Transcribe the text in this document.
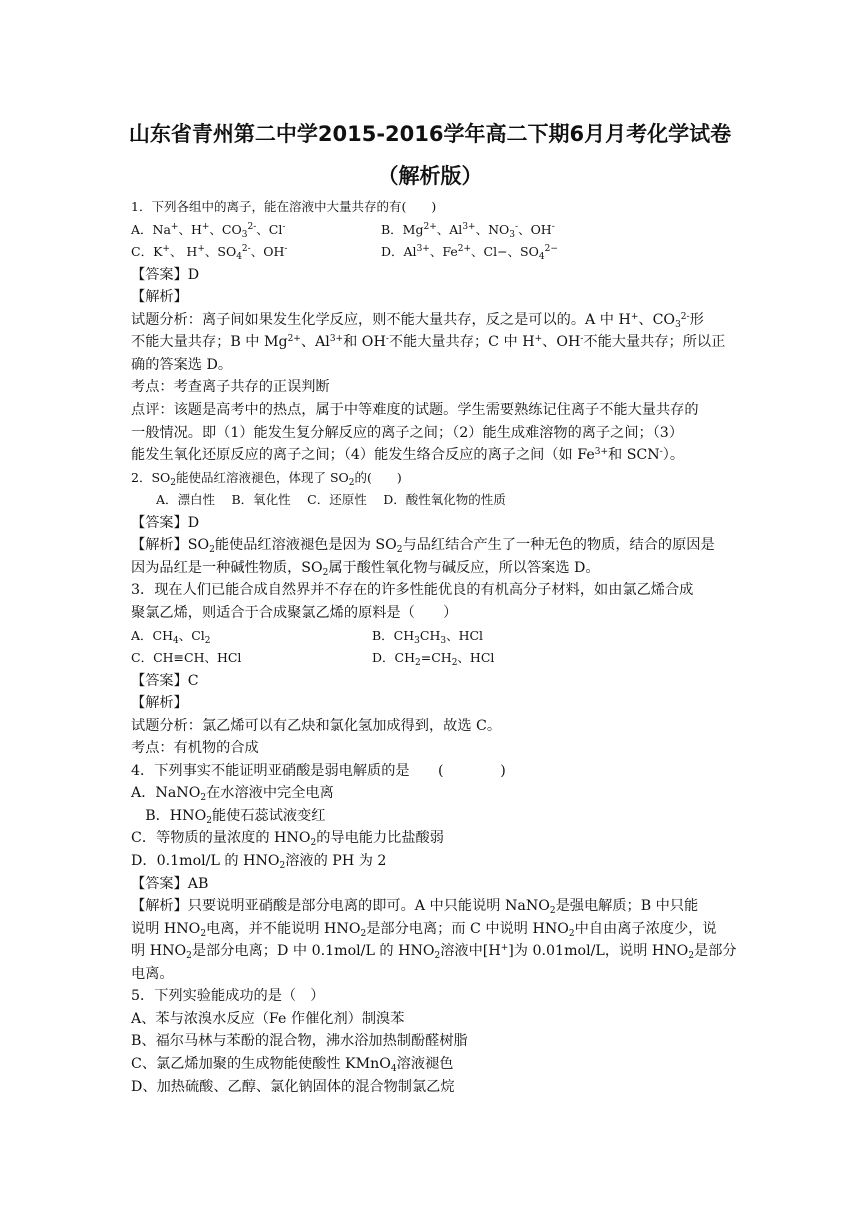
山东省青州第二中学2015-2016学年高二下期6月月考化学试卷
（解析版）
1．下列各组中的离子，能在溶液中大量共存的有(　　)
A．Na+、H+、$CO_3^{2-}$、Cl-	B．$Mg^{2+}$、$Al^{3+}$、$NO_3^-$、OH-
C．K+、 H+、$SO_4^{2-}$、OH-	D．$Al^{3+}$、$Fe^{2+}$、Cl−、$SO_4^{2-}$
【答案】D
【解析】
试题分析：离子间如果发生化学反应，则不能大量共存，反之是可以的。A 中 H+、$CO_3^{2-}$形
不能大量共存；B 中 $Mg^{2+}$、$Al^{3+}$和 OH-不能大量共存；C 中 H+、OH-不能大量共存；所以正
确的答案选 D。
考点：考查离子共存的正误判断
点评：该题是高考中的热点，属于中等难度的试题。学生需要熟练记住离子不能大量共存的
一般情况。即（1）能发生复分解反应的离子之间；（2）能生成难溶物的离子之间；（3）
能发生氧化还原反应的离子之间；（4）能发生络合反应的离子之间（如 $Fe^{3+}$和 SCN-）。
2．$SO_2$能使品红溶液褪色，体现了 $SO_2$的(　　)
　　A．漂白性　 B．氧化性　 C．还原性　 D．酸性氧化物的性质
【答案】D
【解析】$SO_2$能使品红溶液褪色是因为 $SO_2$与品红结合产生了一种无色的物质，结合的原因是
因为品红是一种碱性物质，$SO_2$属于酸性氧化物与碱反应，所以答案选 D。
3．现在人们已能合成自然界并不存在的许多性能优良的有机高分子材料，如由氯乙烯合成
聚氯乙烯，则适合于合成聚氯乙烯的原料是（　　）
A．$CH_4$、$Cl_2$	B．$CH_3CH_3$、HCl
C．CH≡CH、HCl	D．$CH_2=CH_2$、HCl
【答案】C
【解析】
试题分析：氯乙烯可以有乙炔和氯化氢加成得到，故选 C。
考点：有机物的合成
4．下列事实不能证明亚硝酸是弱电解质的是　　(　　　　)
A．NaNO$_2$在水溶液中完全电离
　B．$HNO_2$能使石蕊试液变红
C．等物质的量浓度的 $HNO_2$的导电能力比盐酸弱
D．0.1mol/L 的 $HNO_2$溶液的 PH 为 2
【答案】AB
【解析】只要说明亚硝酸是部分电离的即可。A 中只能说明 NaNO$_2$是强电解质；B 中只能
说明 $HNO_2$电离，并不能说明 $HNO_2$是部分电离；而 C 中说明 $HNO_2$中自由离子浓度少，说
明 $HNO_2$是部分电离；D 中 0.1mol/L 的 $HNO_2$溶液中[H+]为 0.01mol/L，说明 $HNO_2$是部分
电离。
5．下列实验能成功的是（　）
A、苯与浓溴水反应（Fe 作催化剂）制溴苯
B、福尔马林与苯酚的混合物，沸水浴加热制酚醛树脂
C、氯乙烯加聚的生成物能使酸性 KMnO$_4$溶液褪色
D、加热硫酸、乙醇、氯化钠固体的混合物制氯乙烷
